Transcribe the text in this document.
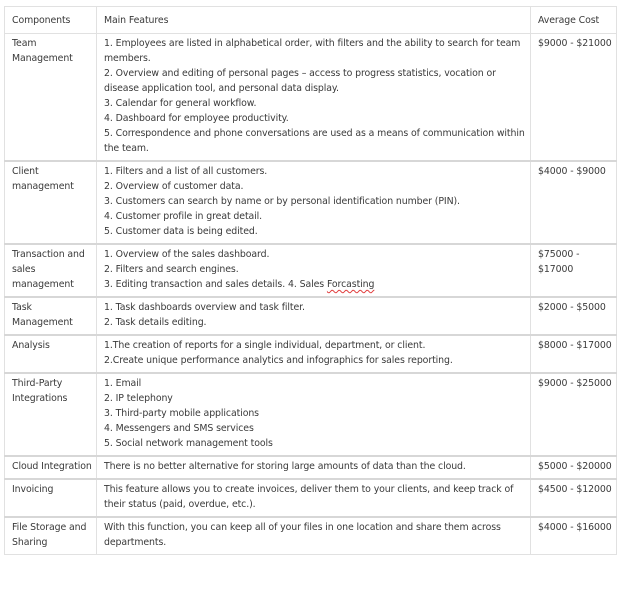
Components	Main Features	Average Cost
Team Management	1. Employees are listed in alphabetical order, with filters and the ability to search for team members.
2. Overview and editing of personal pages – access to progress statistics, vocation or disease application tool, and personal data display.
3. Calendar for general workflow.
4. Dashboard for employee productivity.
5. Correspondence and phone conversations are used as a means of communication within the team.	$9000 - $21000
Client management	1. Filters and a list of all customers.
2. Overview of customer data.
3. Customers can search by name or by personal identification number (PIN).
4. Customer profile in great detail.
5. Customer data is being edited.	$4000 - $9000
Transaction and sales management	1. Overview of the sales dashboard.
2. Filters and search engines.
3. Editing transaction and sales details. 4. Sales Forcasting	$75000 - $17000
Task Management	1. Task dashboards overview and task filter.
2. Task details editing.	$2000 - $5000
Analysis	1.The creation of reports for a single individual, department, or client.
2.Create unique performance analytics and infographics for sales reporting.	$8000 - $17000
Third-Party Integrations	1. Email
2. IP telephony
3. Third-party mobile applications
4. Messengers and SMS services
5. Social network management tools	$9000 - $25000
Cloud Integration	There is no better alternative for storing large amounts of data than the cloud.	$5000 - $20000
Invoicing	This feature allows you to create invoices, deliver them to your clients, and keep track of their status (paid, overdue, etc.).	$4500 - $12000
File Storage and Sharing	With this function, you can keep all of your files in one location and share them across departments.	$4000 - $16000
